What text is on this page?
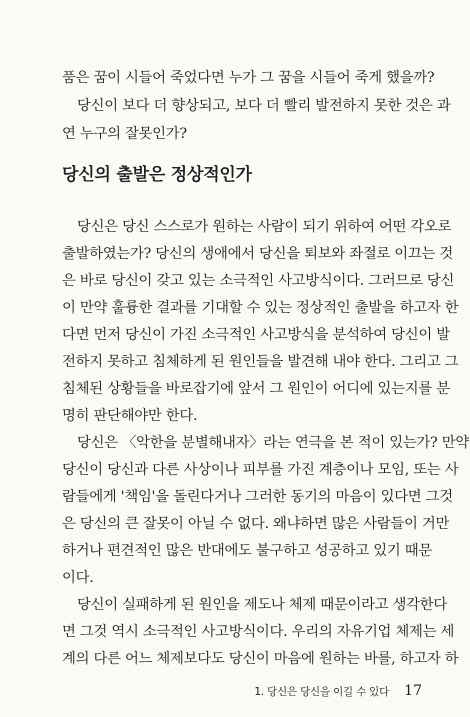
품은 꿈이 시들어 죽었다면 누가 그 꿈을 시들어 죽게 했을까?
당신이 보다 더 향상되고, 보다 더 빨리 발전하지 못한 것은 과
연 누구의 잘못인가?
당신의 출발은 정상적인가
당신은 당신 스스로가 원하는 사람이 되기 위하여 어떤 각오로
출발하였는가? 당신의 생애에서 당신을 퇴보와 좌절로 이끄는 것
은 바로 당신이 갖고 있는 소극적인 사고방식이다. 그러므로 당신
이 만약 훌륭한 결과를 기대할 수 있는 정상적인 출발을 하고자 한
다면 먼저 당신이 가진 소극적인 사고방식을 분석하여 당신이 발
전하지 못하고 침체하게 된 원인들을 발견해 내야 한다. 그리고 그
침체된 상황들을 바로잡기에 앞서 그 원인이 어디에 있는지를 분
명히 판단해야만 한다.
당신은 〈악한을 분별해내자〉라는 연극을 본 적이 있는가? 만약
당신이 당신과 다른 사상이나 피부를 가진 계층이나 모임, 또는 사
람들에게 '책임'을 돌린다거나 그러한 동기의 마음이 있다면 그것
은 당신의 큰 잘못이 아닐 수 없다. 왜냐하면 많은 사람들이 거만
하거나 편견적인 많은 반대에도 불구하고 성공하고 있기 때문
이다.
당신이 실패하게 된 원인을 제도나 체제 때문이라고 생각한다
면 그것 역시 소극적인 사고방식이다. 우리의 자유기업 체제는 세
계의 다른 어느 체제보다도 당신이 마음에 원하는 바를, 하고자 하
1. 당신은 당신을 이길 수 있다 17
